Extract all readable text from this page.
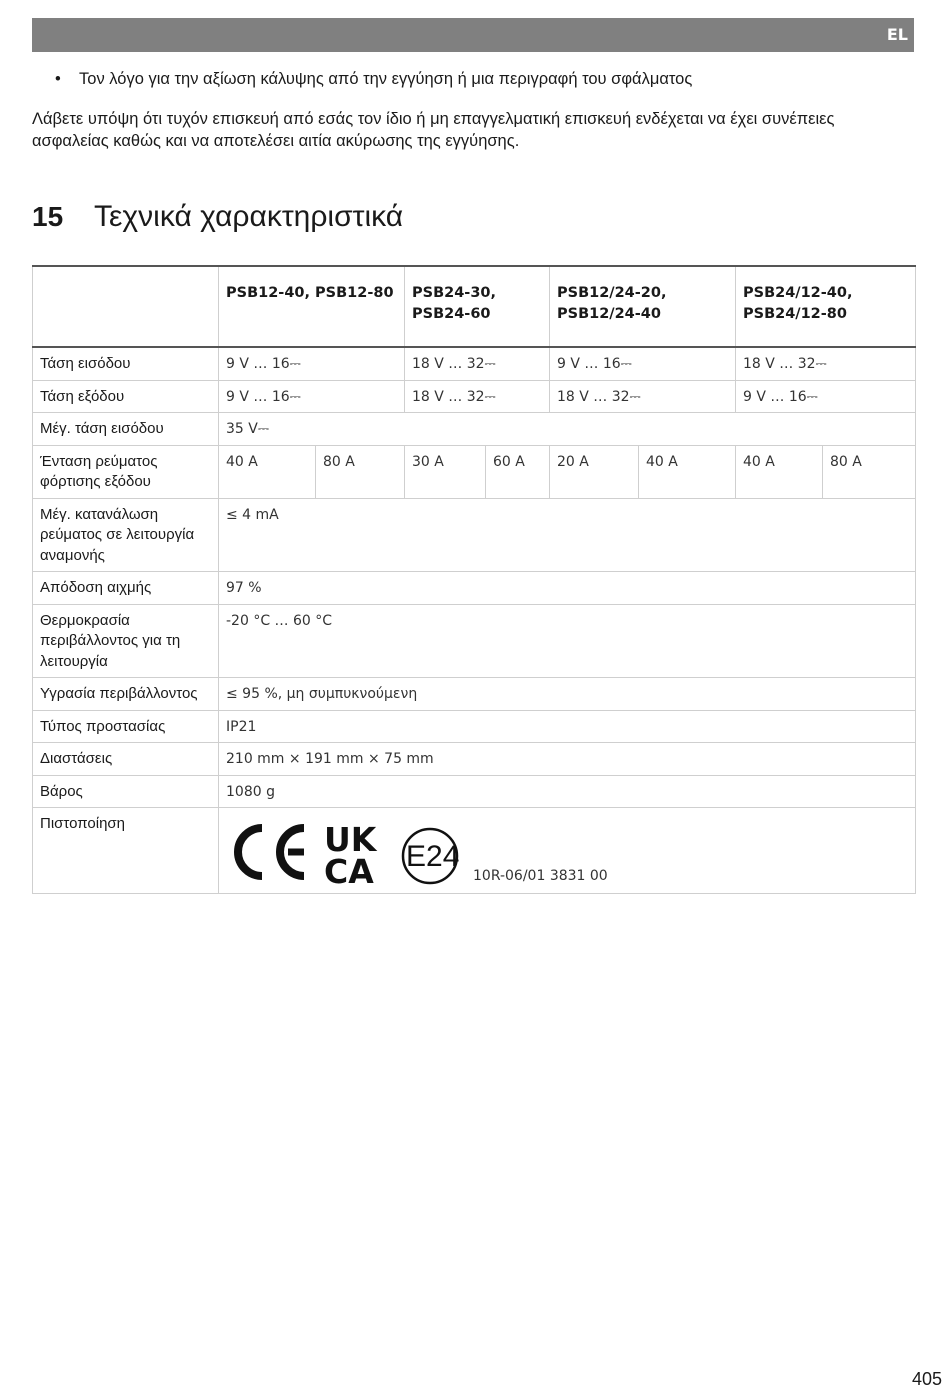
EL
• Τον λόγο για την αξίωση κάλυψης από την εγγύηση ή μια περιγραφή του σφάλματος
Λάβετε υπόψη ότι τυχόν επισκευή από εσάς τον ίδιο ή μη επαγγελματική επισκευή ενδέχεται να έχει συνέπειες ασφαλείας καθώς και να αποτελέσει αιτία ακύρωσης της εγγύησης.
15 Τεχνικά χαρακτηριστικά
	PSB12-40, PSB12-80		PSB24-30, PSB24-60		PSB12/24-20, PSB12/24-40		PSB24/12-40, PSB24/12-80	
Τάση εισόδου	9 V … 16⎓		18 V … 32⎓		9 V … 16⎓		18 V … 32⎓	
Τάση εξόδου	9 V … 16⎓		18 V … 32⎓		18 V … 32⎓		9 V … 16⎓	
Μέγ. τάση εισόδου	35 V⎓							
Ένταση ρεύματος φόρτισης εξόδου	40 A	80 A	30 A	60 A	20 A	40 A	40 A	80 A
Μέγ. κατανάλωση ρεύματος σε λειτουργία αναμονής	≤ 4 mA							
Απόδοση αιχμής	97 %							
Θερμοκρασία περιβάλλοντος για τη λειτουργία	-20 °C … 60 °C							
Υγρασία περιβάλλοντος	≤ 95 %, μη συμπυκνούμενη							
Τύπος προστασίας	IP21							
Διαστάσεις	210 mm × 191 mm × 75 mm							
Βάρος	1080 g							
Πιστοποίηση	UK
CA E24
10R-06/01 3831 00							
405
